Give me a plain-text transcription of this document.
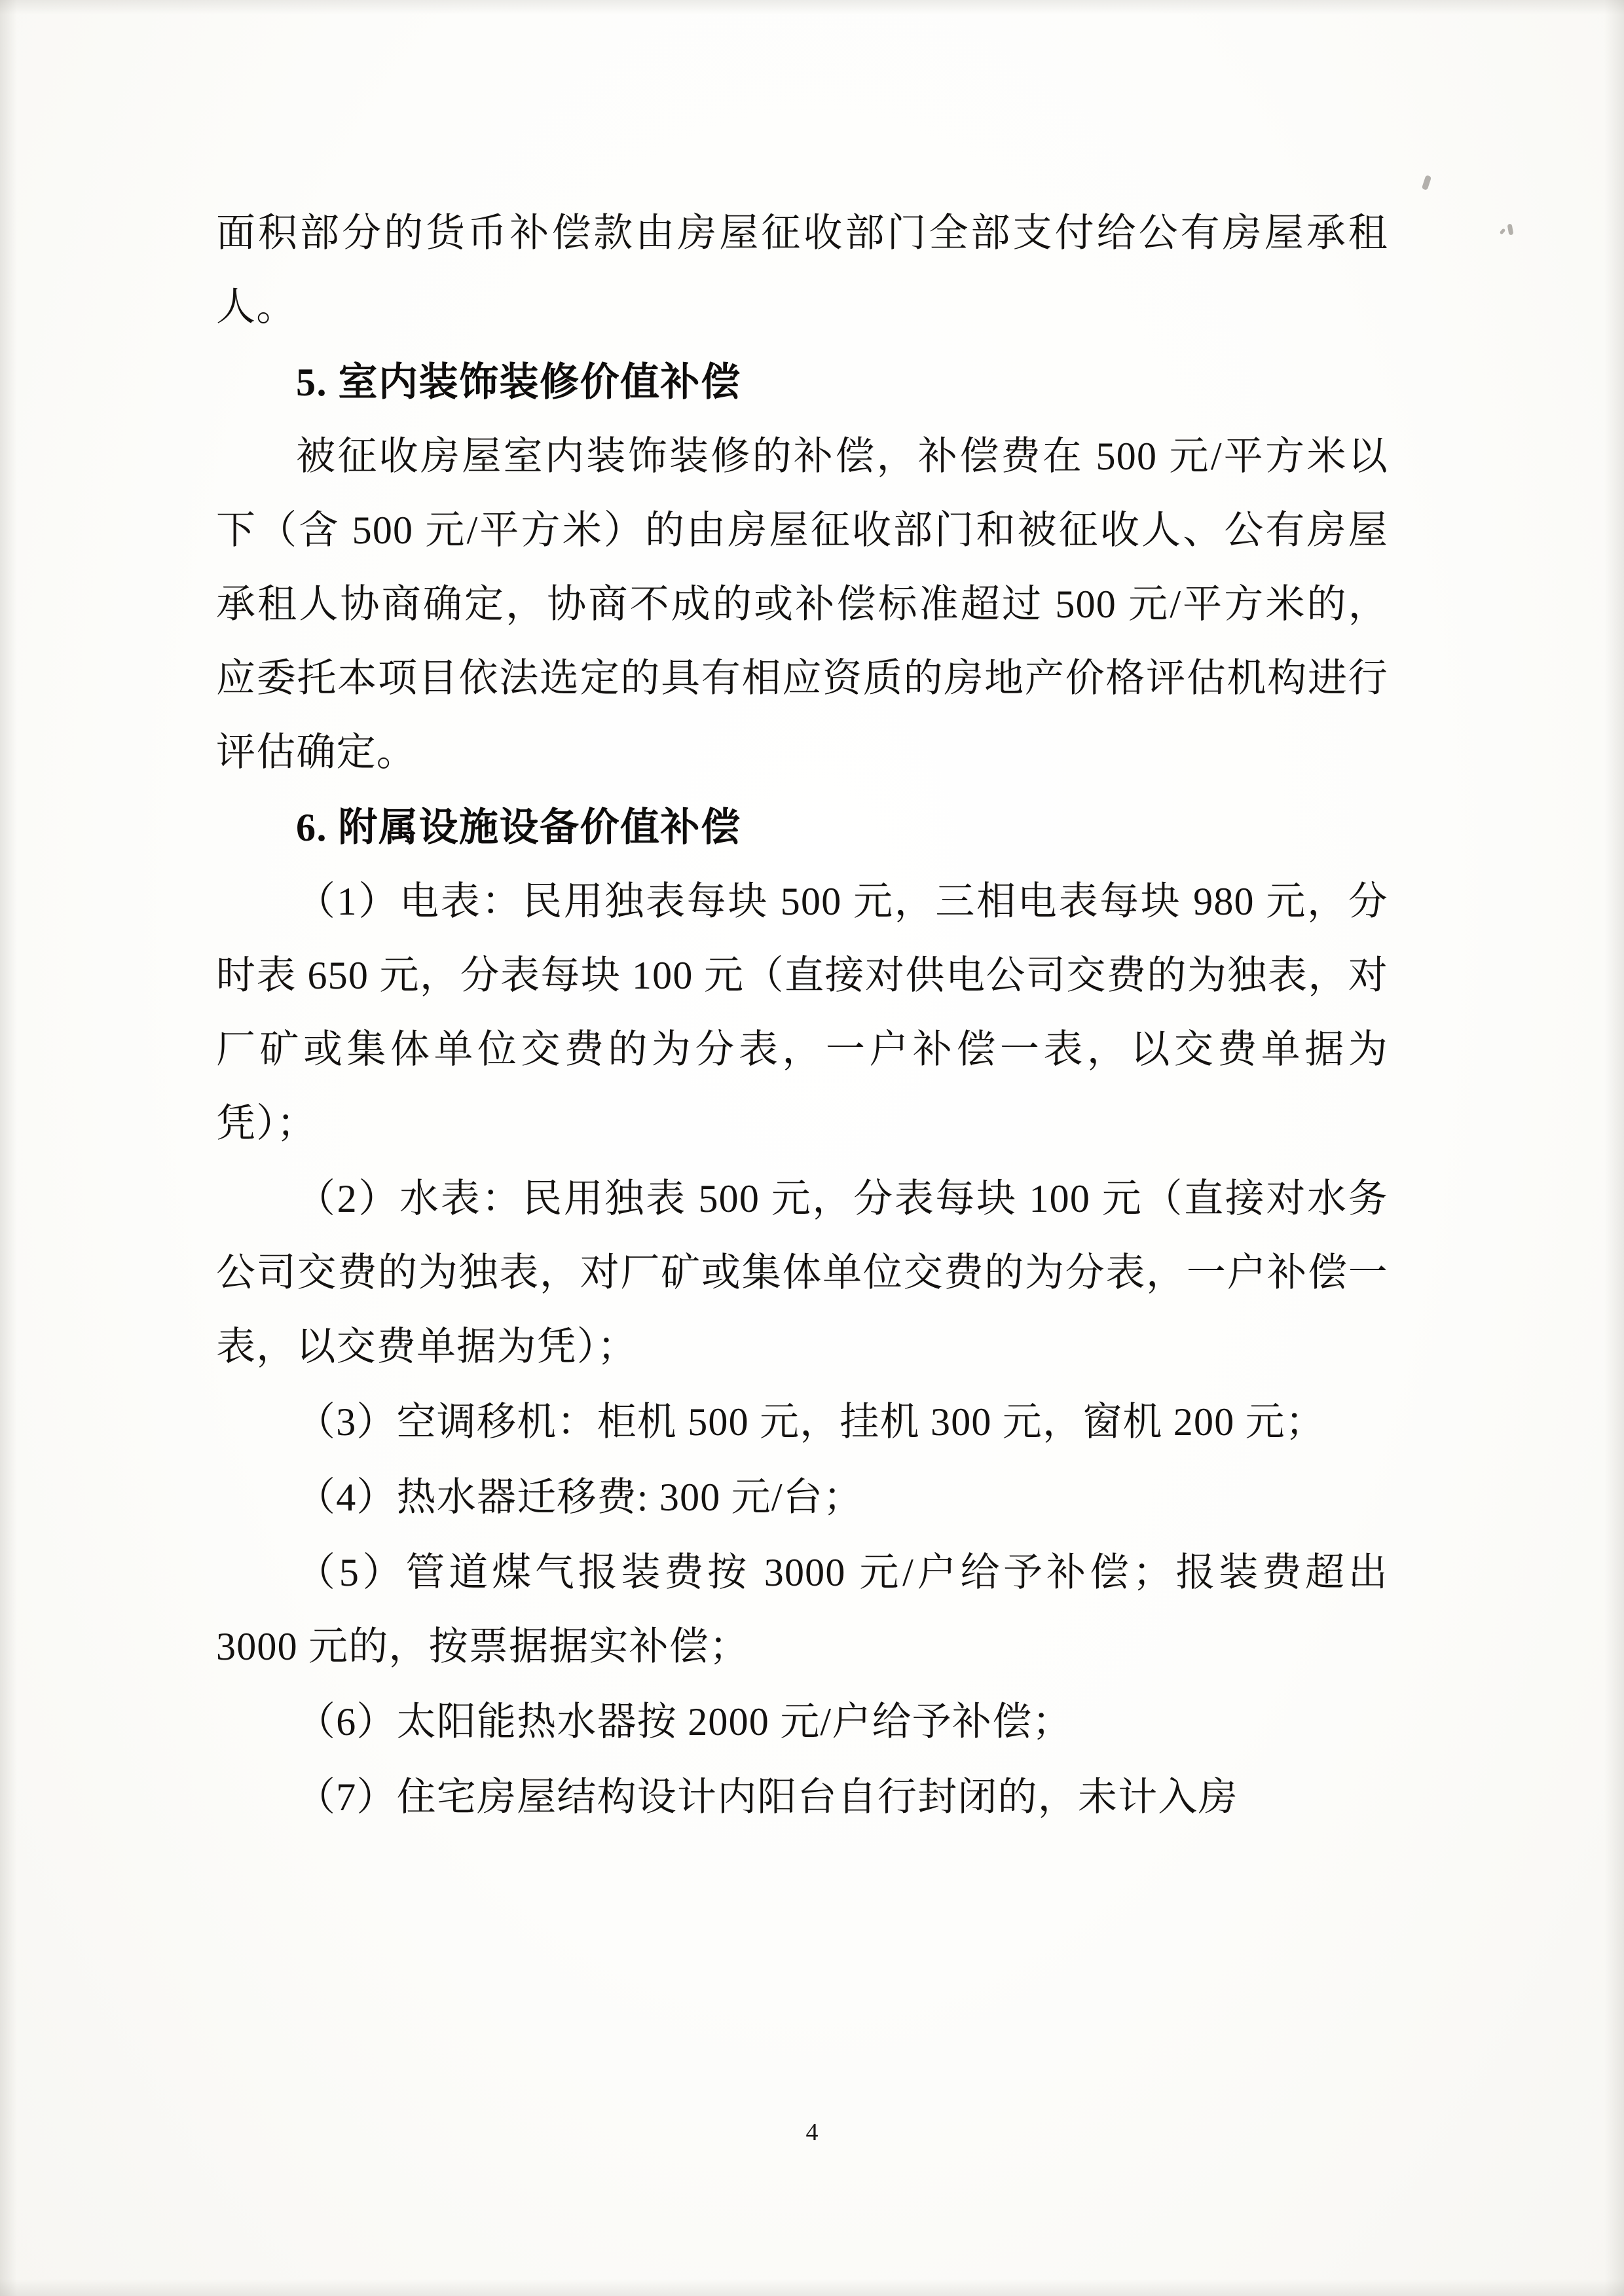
面积部分的货币补偿款由房屋征收部门全部支付给公有房屋承租人。

5. 室内装饰装修价值补偿

被征收房屋室内装饰装修的补偿，补偿费在 500 元/平方米以下（含 500 元/平方米）的由房屋征收部门和被征收人、公有房屋承租人协商确定，协商不成的或补偿标准超过 500 元/平方米的，应委托本项目依法选定的具有相应资质的房地产价格评估机构进行评估确定。

6. 附属设施设备价值补偿

（1）电表：民用独表每块 500 元，三相电表每块 980 元，分时表 650 元，分表每块 100 元（直接对供电公司交费的为独表，对厂矿或集体单位交费的为分表，一户补偿一表，以交费单据为凭）；

（2）水表：民用独表 500 元，分表每块 100 元（直接对水务公司交费的为独表，对厂矿或集体单位交费的为分表，一户补偿一表，以交费单据为凭）；

（3）空调移机：柜机 500 元，挂机 300 元，窗机 200 元；

（4）热水器迁移费: 300 元/台；

（5）管道煤气报装费按 3000 元/户给予补偿；报装费超出 3000 元的，按票据据实补偿；

（6）太阳能热水器按 2000 元/户给予补偿；

（7）住宅房屋结构设计内阳台自行封闭的，未计入房

4
